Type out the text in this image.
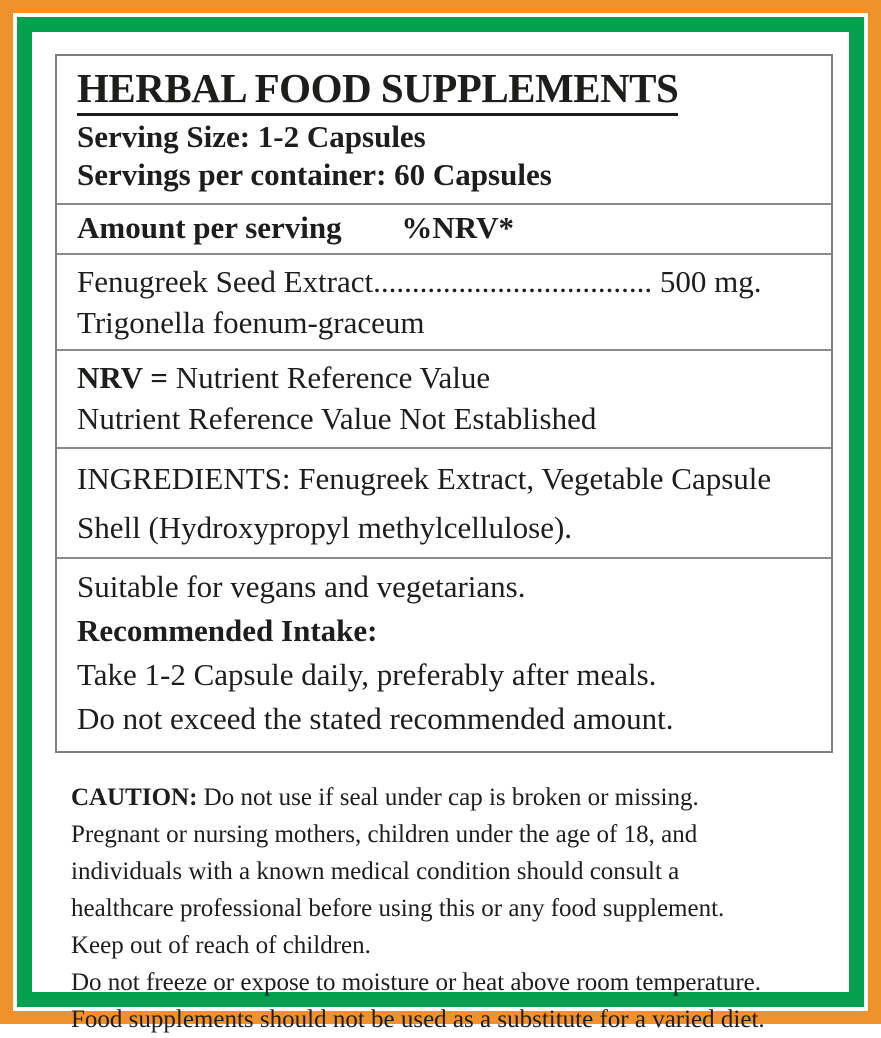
HERBAL FOOD SUPPLEMENTS
Serving Size: 1-2 Capsules
Servings per container: 60 Capsules
Amount per serving %NRV*
Fenugreek Seed Extract.................................... 500 mg.
Trigonella foenum-graceum
NRV = Nutrient Reference Value
Nutrient Reference Value Not Established
INGREDIENTS: Fenugreek Extract, Vegetable Capsule
Shell (Hydroxypropyl methylcellulose).
Suitable for vegans and vegetarians.
Recommended Intake:
Take 1-2 Capsule daily, preferably after meals.
Do not exceed the stated recommended amount.
CAUTION: Do not use if seal under cap is broken or missing.
Pregnant or nursing mothers, children under the age of 18, and
individuals with a known medical condition should consult a
healthcare professional before using this or any food supplement.
Keep out of reach of children.
Do not freeze or expose to moisture or heat above room temperature.
Food supplements should not be used as a substitute for a varied diet.
